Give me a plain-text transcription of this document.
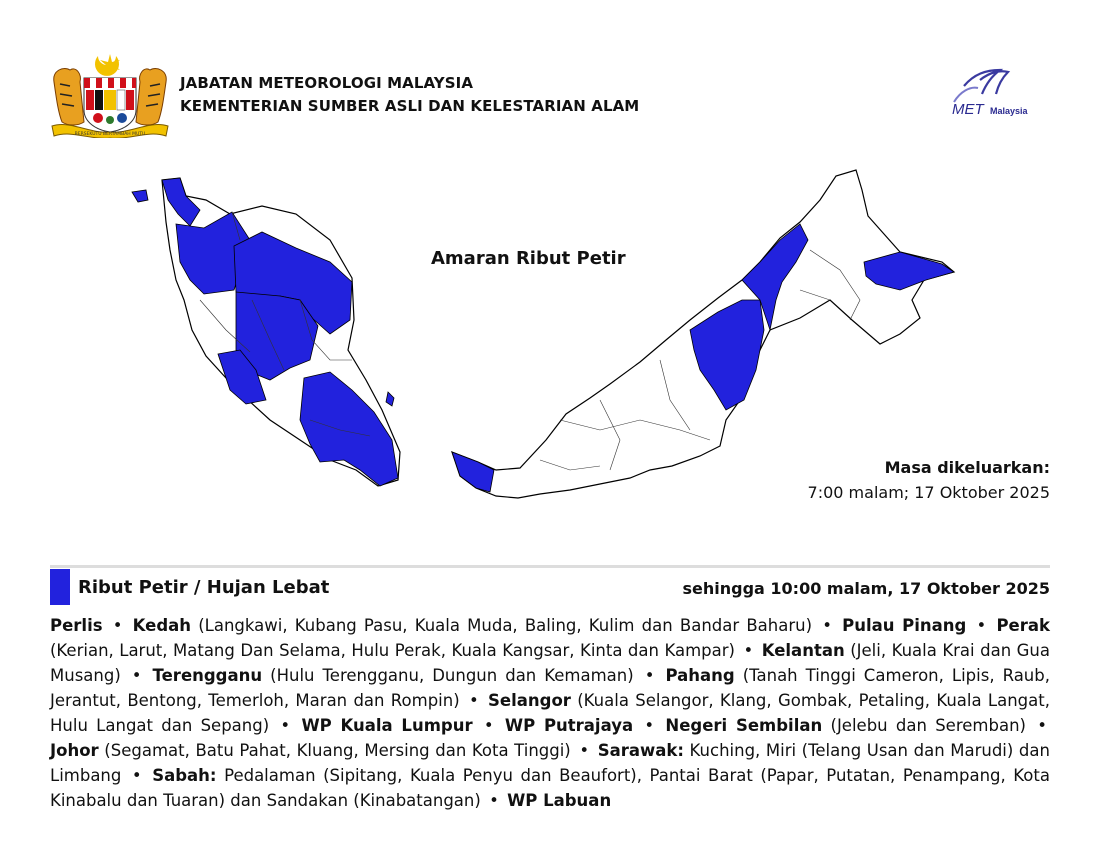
BERSEKUTU BERTAMBAH MUTU
JABATAN METEOROLOGI MALAYSIA
KEMENTERIAN SUMBER ASLI DAN KELESTARIAN ALAM	MET Malaysia
Amaran Ribut Petir
Masa dikeluarkan:
7:00 malam; 17 Oktober 2025
Ribut Petir / Hujan Lebat	sehingga 10:00 malam, 17 Oktober 2025
Perlis • Kedah (Langkawi, Kubang Pasu, Kuala Muda, Baling, Kulim dan Bandar Baharu) • Pulau Pinang • Perak (Kerian, Larut, Matang Dan Selama, Hulu Perak, Kuala Kangsar, Kinta dan Kampar) • Kelantan (Jeli, Kuala Krai dan Gua Musang) • Terengganu (Hulu Terengganu, Dungun dan Kemaman) • Pahang (Tanah Tinggi Cameron, Lipis, Raub, Jerantut, Bentong, Temerloh, Maran dan Rompin) • Selangor (Kuala Selangor, Klang, Gombak, Petaling, Kuala Langat, Hulu Langat dan Sepang) • WP Kuala Lumpur • WP Putrajaya • Negeri Sembilan (Jelebu dan Seremban) • Johor (Segamat, Batu Pahat, Kluang, Mersing dan Kota Tinggi) • Sarawak: Kuching, Miri (Telang Usan dan Marudi) dan Limbang • Sabah: Pedalaman (Sipitang, Kuala Penyu dan Beaufort), Pantai Barat (Papar, Putatan, Penampang, Kota Kinabalu dan Tuaran) dan Sandakan (Kinabatangan) • WP Labuan
